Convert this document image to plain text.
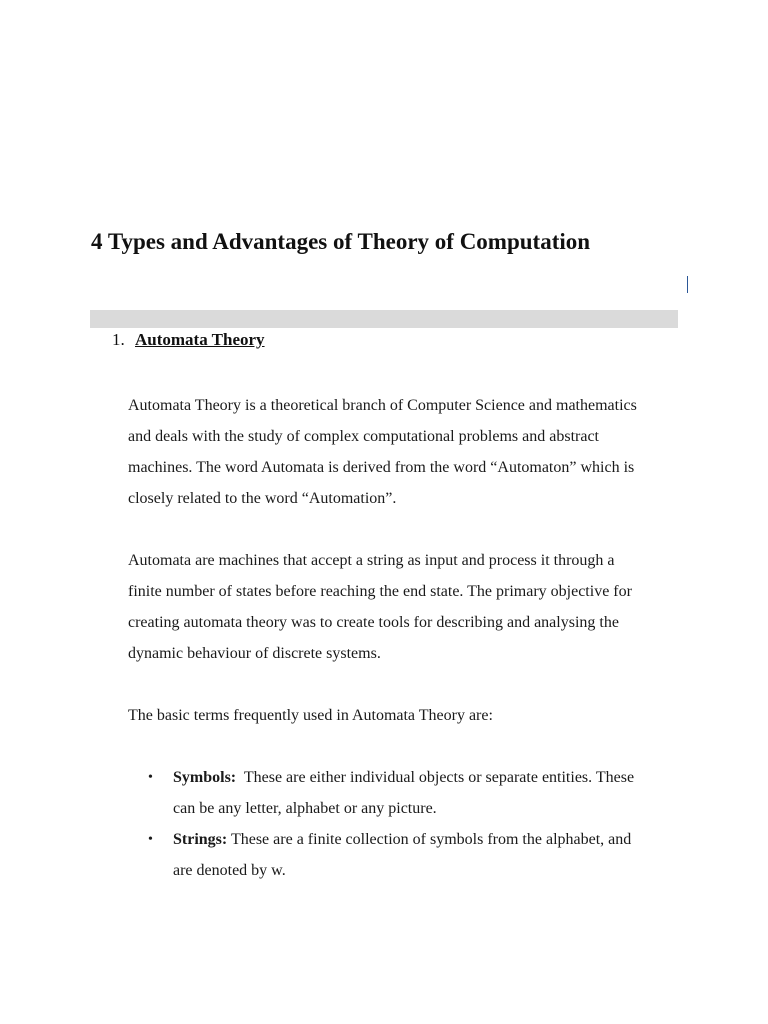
4 Types and Advantages of Theory of Computation
1. Automata Theory

Automata Theory is a theoretical branch of Computer Science and mathematics
and deals with the study of complex computational problems and abstract
machines. The word Automata is derived from the word “Automaton” which is
closely related to the word “Automation”.

Automata are machines that accept a string as input and process it through a
finite number of states before reaching the end state. The primary objective for
creating automata theory was to create tools for describing and analysing the
dynamic behaviour of discrete systems.

The basic terms frequently used in Automata Theory are:

• Symbols: These are either individual objects or separate entities. These
can be any letter, alphabet or any picture.
• Strings: These are a finite collection of symbols from the alphabet, and
are denoted by w.
